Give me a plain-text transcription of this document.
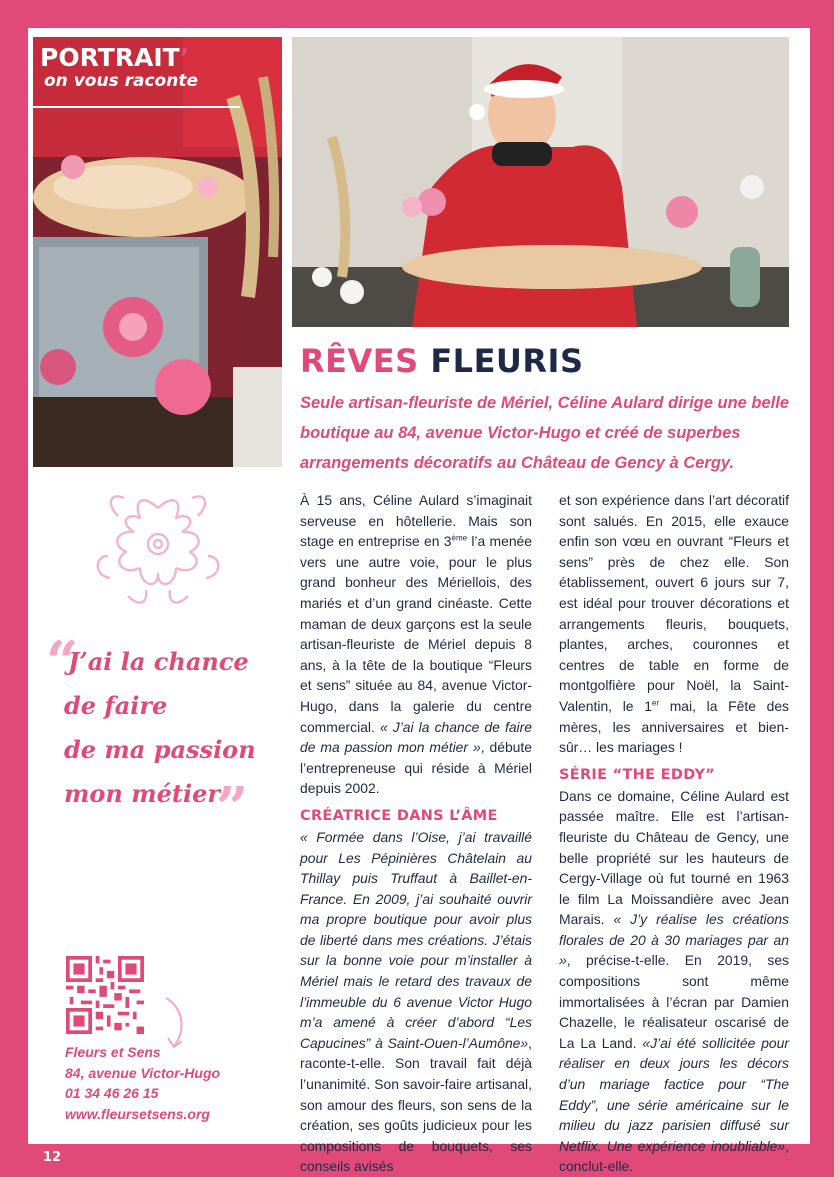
PORTRAIT’
on vous raconte
RÊVES FLEURIS

Seule artisan-fleuriste de Mériel, Céline Aulard dirige une belle boutique au 84, avenue Victor-Hugo et créé de superbes arrangements décoratifs au Château de Gency à Cergy.

“
J’ai la chance
de faire
de ma passion
mon métier
”
Fleurs et Sens
84, avenue Victor-Hugo
01 34 46 26 15
www.fleursetsens.org

À 15 ans, Céline Aulard s’imaginait serveuse en hôtellerie. Mais son stage en entreprise en 3ème l’a menée vers une autre voie, pour le plus grand bonheur des Mériellois, des mariés et d’un grand cinéaste. Cette maman de deux garçons est la seule artisan-fleuriste de Mériel depuis 8 ans, à la tête de la boutique “Fleurs et sens” située au 84, avenue Victor-Hugo, dans la galerie du centre commercial. « J’ai la chance de faire de ma passion mon métier », débute l’entrepreneuse qui réside à Mériel depuis 2002.

CRÉATRICE DANS L’ÂME

« Formée dans l’Oise, j’ai travaillé pour Les Pépinières Châtelain au Thillay puis Truffaut à Baillet-en-France. En 2009, j’ai souhaité ouvrir ma propre boutique pour avoir plus de liberté dans mes créations. J’étais sur la bonne voie pour m’installer à Mériel mais le retard des travaux de l’immeuble du 6 avenue Victor Hugo m’a amené à créer d’abord “Les Capucines” à Saint-Ouen-l’Aumône», raconte-t-elle. Son travail fait déjà l’unanimité. Son savoir-faire artisanal, son amour des fleurs, son sens de la création, ses goûts judicieux pour les compositions de bouquets, ses conseils avisés

et son expérience dans l’art décoratif sont salués. En 2015, elle exauce enfin son vœu en ouvrant “Fleurs et sens” près de chez elle. Son établissement, ouvert 6 jours sur 7, est idéal pour trouver décorations et arrangements fleuris, bouquets, plantes, arches, couronnes et centres de table en forme de montgolfière pour Noël, la Saint-Valentin, le 1er mai, la Fête des mères, les anniversaires et bien-sûr… les mariages !

SÉRIE “THE EDDY”

Dans ce domaine, Céline Aulard est passée maître. Elle est l’artisan-fleuriste du Château de Gency, une belle propriété sur les hauteurs de Cergy-Village où fut tourné en 1963 le film La Moissandière avec Jean Marais. « J’y réalise les créations florales de 20 à 30 mariages par an », précise-t-elle. En 2019, ses compositions sont même immortalisées à l’écran par Damien Chazelle, le réalisateur oscarisé de La La Land. «J’ai été sollicitée pour réaliser en deux jours les décors d’un mariage factice pour “The Eddy”, une série américaine sur le milieu du jazz parisien diffusé sur Netflix. Une expérience inoubliable», conclut-elle.

12
